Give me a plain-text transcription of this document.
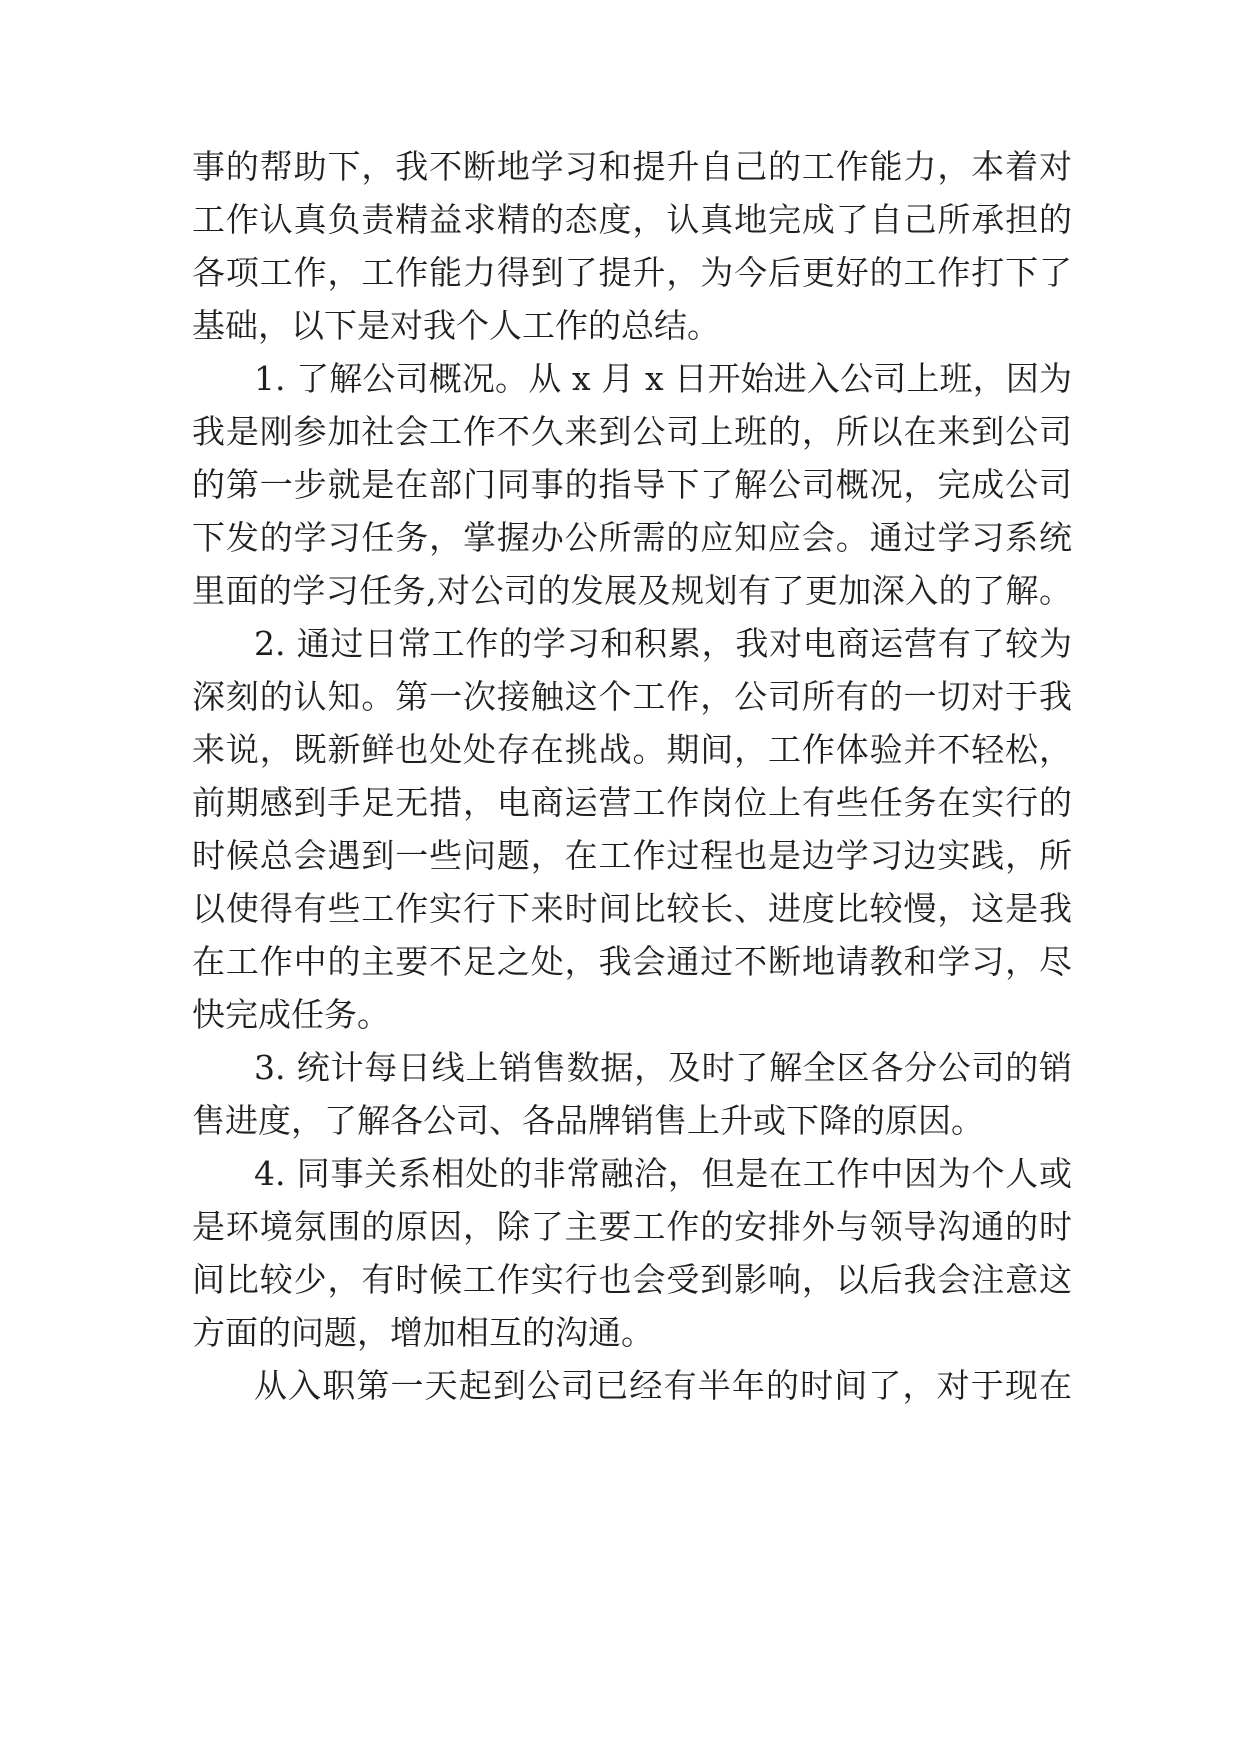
事的帮助下，我不断地学习和提升自己的工作能力，本着对
工作认真负责精益求精的态度，认真地完成了自己所承担的
各项工作，工作能力得到了提升，为今后更好的工作打下了
基础，以下是对我个人工作的总结。
1. 了解公司概况。从 x 月 x 日开始进入公司上班，因为
我是刚参加社会工作不久来到公司上班的，所以在来到公司
的第一步就是在部门同事的指导下了解公司概况，完成公司
下发的学习任务，掌握办公所需的应知应会。通过学习系统
里面的学习任务,对公司的发展及规划有了更加深入的了解。
2. 通过日常工作的学习和积累，我对电商运营有了较为
深刻的认知。第一次接触这个工作，公司所有的一切对于我
来说，既新鲜也处处存在挑战。期间，工作体验并不轻松，
前期感到手足无措，电商运营工作岗位上有些任务在实行的
时候总会遇到一些问题，在工作过程也是边学习边实践，所
以使得有些工作实行下来时间比较长、进度比较慢，这是我
在工作中的主要不足之处，我会通过不断地请教和学习，尽
快完成任务。
3. 统计每日线上销售数据，及时了解全区各分公司的销
售进度，了解各公司、各品牌销售上升或下降的原因。
4. 同事关系相处的非常融洽，但是在工作中因为个人或
是环境氛围的原因，除了主要工作的安排外与领导沟通的时
间比较少，有时候工作实行也会受到影响，以后我会注意这
方面的问题，增加相互的沟通。
从入职第一天起到公司已经有半年的时间了，对于现在
